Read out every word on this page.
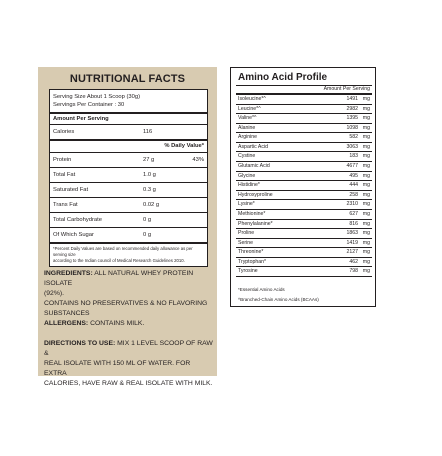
NUTRITIONAL FACTS
Serving Size About 1 Scoop (30g)
Servings Per Container : 30
Amount Per Serving
Calories	116
% Daily Value*
Protein	27 g	43%
Total Fat	1.0 g
Saturated Fat	0.3 g
Trans Fat	0.02 g
Total Carbohydrate	0 g
Of Which Sugar	0 g
*Percent Daily Values are based on recommended daily allowance as per serving size
according to the Indian council of Medical Research Guidelines 2010.
INGREDIENTS: ALL NATURAL WHEY PROTEIN ISOLATE
(92%).
CONTAINS NO PRESERVATIVES & NO FLAVORING
SUBSTANCES
ALLERGENS: CONTAINS MILK.
DIRECTIONS TO USE: MIX 1 LEVEL SCOOP OF RAW &
REAL ISOLATE WITH 150 ML OF WATER. FOR EXTRA
CALORIES, HAVE RAW & REAL ISOLATE WITH MILK.
Amino Acid Profile
Amount Per Serving
Isoleucine*^	1491 mg
Leucine*^	2982 mg
Valine*^	1395 mg
Alanine	1098 mg
Arginine	582 mg
Aspartic Acid	3063 mg
Cystine	183 mg
Glutamic Acid	4677 mg
Glycine	495 mg
Histidine*	444 mg
Hydroxyproline	258 mg
Lysine*	2310 mg
Methionine*	627 mg
Phenylalanine*	816 mg
Proline	1863 mg
Serine	1419 mg
Threonine*	2127 mg
Tryptophan*	462 mg
Tyrosine	798 mg
*Essential Amino Acids
^Branched-Chain Amino Acids (BCAAs)
